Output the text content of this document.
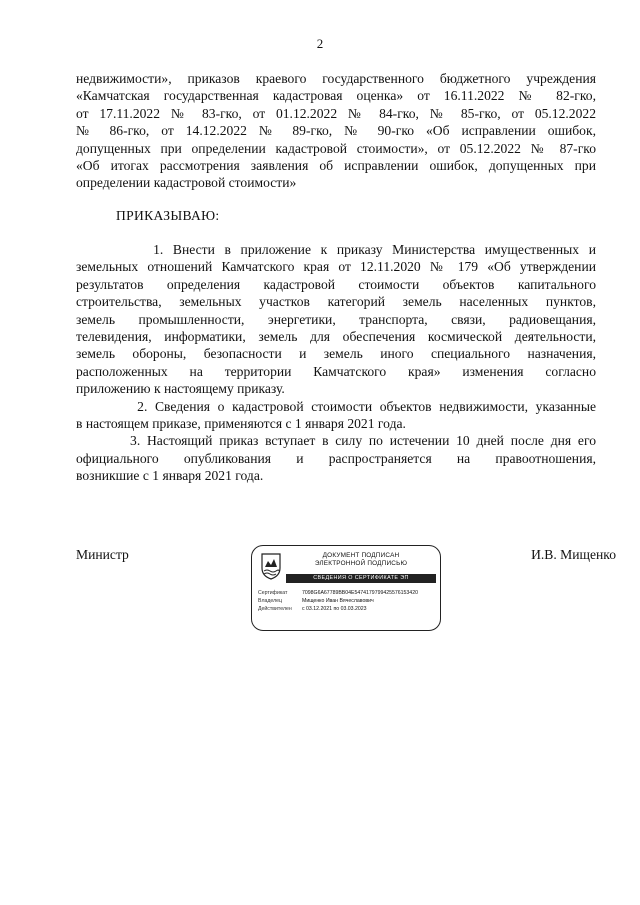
2
недвижимости», приказов краевого государственного бюджетного учреждения
«Камчатская государственная кадастровая оценка» от 16.11.2022 № 82-гко,
от 17.11.2022 № 83-гко, от 01.12.2022 № 84-гко, № 85-гко, от 05.12.2022
№ 86-гко, от 14.12.2022 № 89-гко, № 90-гко «Об исправлении ошибок,
допущенных при определении кадастровой стоимости», от 05.12.2022 № 87-гко
«Об итогах рассмотрения заявления об исправлении ошибок, допущенных при
определении кадастровой стоимости»
ПРИКАЗЫВАЮ:
1. Внести в приложение к приказу Министерства имущественных и
земельных отношений Камчатского края от 12.11.2020 № 179 «Об утверждении
результатов определения кадастровой стоимости объектов капитального
строительства, земельных участков категорий земель населенных пунктов,
земель промышленности, энергетики, транспорта, связи, радиовещания,
телевидения, информатики, земель для обеспечения космической деятельности,
земель обороны, безопасности и земель иного специального назначения,
расположенных на территории Камчатского края» изменения согласно
приложению к настоящему приказу.
2. Сведения о кадастровой стоимости объектов недвижимости, указанные
в настоящем приказе, применяются с 1 января 2021 года.
3. Настоящий приказ вступает в силу по истечении 10 дней после дня его
официального опубликования и распространяется на правоотношения,
возникшие с 1 января 2021 года.
Министр	ДОКУМЕНТ ПОДПИСАН
ЭЛЕКТРОННОЙ ПОДПИСЬЮ
СВЕДЕНИЯ О СЕРТИФИКАТЕ ЭП
Сертификат	7098G6A67789BB04E5474179799425576153420
Владелец	Мищенко Иван Вячеславович
Действителен	с 03.12.2021 по 03.03.2023
И.В. Мищенко
